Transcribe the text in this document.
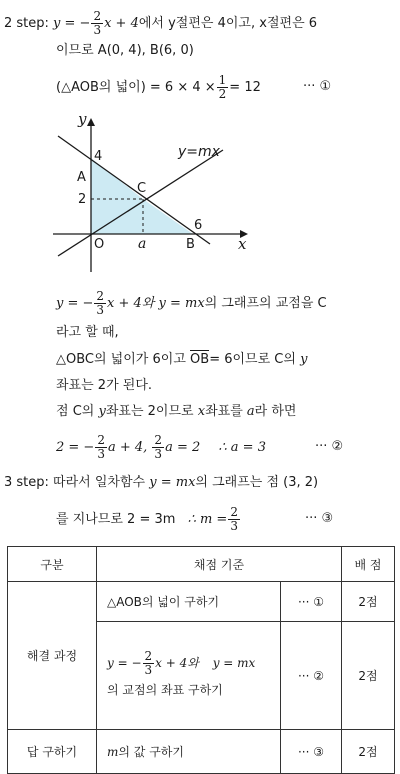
2 step: y = − $\frac{2}{3}$ x + 4에서 y절편은 4이고, x절편은 6
이므로 A(0, 4), B(6, 0)
(△AOB의 넓이) = $6 \times 4 \times \frac{1}{2} = 12$	··· ①
y
x
y=mx
4
A
2
C
6
O a	B
y = − $\frac{2}{3}$ x + 4와 y = mx의 그래프의 교점을 C
라고 할 때,
△OBC의 넓이가 6이고 OB= 6이므로 C의 y
좌표는 2가 된다.
점 C의 y좌표는 2이므로 x좌표를 a라 하면
2 = − $\frac{2}{3}$ a + 4, $\frac{2}{3}$ a = 2 ∴ a = 3	··· ②
3 step: 따라서 일차함수 y = mx의 그래프는 점 (3, 2)
를 지나므로 2 = 3m ∴ $m = \frac{2}{3}$	··· ③
구분	채점 기준		배 점
해결 과정	△AOB의 넓이 구하기	··· ①	2점

	y = − $\frac{2}{3}$ x + 4와 y = mx
의 교점의 좌표 구하기	··· ②	2점
답 구하기	m의 값 구하기	··· ③	2점
